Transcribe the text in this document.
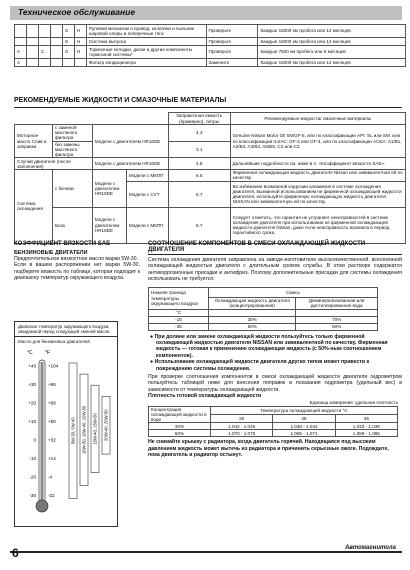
Техническое обслуживание
				G	H	Рулевой механизм и привод, колпачки и пыльник шаровой опоры и поперечные тяги	Проверьте	Каждые 15000 км пробега или 12 месяцев
				G	H	Система выпуска	Проверьте	Каждые 15000 км пробега или 12 месяцев
A		C		G	H	Тормозные колодки, диски и другие компоненты тормозной системы*	Проверьте	Каждые 7500 км пробега или 6 месяцев
A						Фильтр кондиционера	Замените	Каждые 15000 км пробега или 12 месяцев
РЕКОМЕНДУЕМЫЕ ЖИДКОСТИ И СМАЗОЧНЫЕ МАТЕРИАЛЫ
				Заправочная емкость (примерно), литры	Рекомендуемые жидкости/ смазочные материалы
Моторное масло Слив и заправка	с заменой масляного фильтра	Модели с двигателем HR16DE		4.3	Genuine Nissan Motor Oil SN/GF-5, или по классификации API: SL или SM, или по классификации ILSAC: GF-3 или GF-4, или по классификации ACEA: A1/B1, A3/B3, A3/B4, A5/B5, C2 или C3
	без замены масляного фильтра			3.1	
Случай двигателя (после заполнения)		Модели с двигателем HR16DE		4.8	Дальнейшие подробности см. ниже в п. «Коэффициент вязкости SAE».
Система охлаждения	с бачком	Модели с двигателем HR16DE	Модели с МКПП	6.5	Фирменная охлаждающая жидкость двигателя Nissan или эквивалентная ей по качеству
			Модели с CVT	6.7	Во избежание возможной коррозии алюминия в системе охлаждения двигателя, вызванной использованием не фирменной охлаждающей жидкости двигателя, используйте фирменную охлаждающую жидкость двигателя NISSAN или эквивалентную ей по качеству.
	Блок	Модели с двигателем HR16DE	Модели с МКПП	6.7	Следует отметить, что гарантия не устраняет неисправностей в системе охлаждения двигателя при использовании не фирменной охлаждающей жидкости двигателя Nissan, даже если неисправность возникла в период гарантийного срока.
КОЭФФИЦИЕНТ ВЯЗКОСТИ SAE
БЕНЗИНОВЫЕ ДВИГАТЕЛИ
Предпочтительное вязкостное масло марки 5W-30.
Если в вашем распоряжении нет марки 5W-30, подберите вязкость по таблице, которая подходит к диапазону температур окружающего воздуха.
Диапазон температур окружающего воздуха, ожидаемой перед следующей сменой масла
Масло для бензиновых двигателей
°C °F
+40	+104
+30	+86
+20	+68
+10	+50
0	+32
-10	+14
-20	-4
-30	-22
5W-30, 5W-40 10W-30, 10W-40, 10W-50 15W-40, 15W-50 20W-40, 20W-50
СООТНОШЕНИЕ КОМПОНЕНТОВ В СМЕСИ ОХЛАЖДАЮЩЕЙ ЖИДКОСТИ ДВИГАТЕЛЯ
Система охлаждения двигателя заправлена на заводе-изготовителе высококачественной, всесезонной охлаждающей жидкостью двигателя с длительным сроком службы. В этом растворе содержатся антикоррозионные присадки и антифриз. Поэтому дополнительные присадки для системы охлаждения использовать не требуется.
Нижняя граница температуры окружающего воздуха	Смесь	
	Охлаждающая жидкость двигателя (концентрированная)	Деминерализованная или дистиллированная вода
°C		
-15	30%	70%
-35	50%	50%
● При долине или замене охлаждающей жидкости пользуйтесь только фирменной охлаждающей жидкостью двигателя NISSAN или эквивалентной по качеству. Фирменная жидкость — готовая к применению охлаждающая жидкость (с 50%-ным соотношением компонентов).
● Использование охлаждающей жидкости двигателя других типов может привести к повреждению системы охлаждения.
При проверке соотношения компонентов в смеси охлаждающей жидкости двигателя гидрометром пользуйтесь таблицей ниже для внесения поправок в показания гидрометра (удельный вес) в зависимости от температуры охлаждающей жидкости.
Плотность готовой охлаждающей жидкости
Единица измерения: удельная плотность
Концентрация охлаждающей жидкости в воде	Температура охлаждающей жидкости °C		
	25	35	45
30%	1.042 - 1.046	1.038 - 1.042	1.033 - 1.038
50%	1.070 - 1.076	1.065 - 1.071	1.059 - 1.065
Не снимайте крышку с радиатора, когда двигатель горячий. Находящаяся под высоким давлением жидкость может вытечь из радиатора и причинить серьезные ожоги. Подождите, пока двигатель и радиатор остынут.
6	Автомагнитола
